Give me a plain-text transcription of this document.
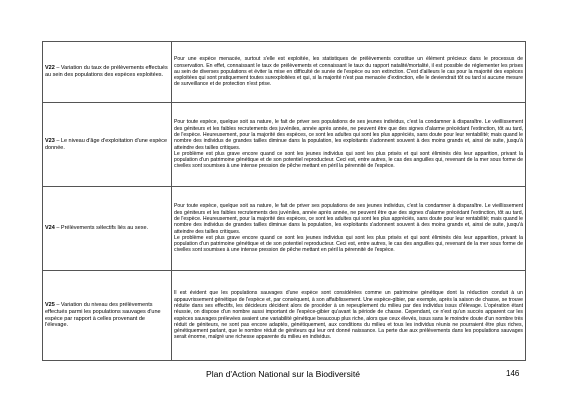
V22 – Variation du taux de prélèvements effectués au sein des populations des espèces exploitées.	Pour une espèce menacée, surtout s'elle est exploitée, les statistiques de prélèvements constitue un élément précieux dans le processus de conservation. En effet, connaissant le taux de prélèvements et connaissant le taux du rapport natalité/mortalité, il est possible de réglementer les prises au sein de diverses populations et éviter la mise en difficulté de survie de l'espèce ou son extinction. C'est d'ailleurs le cas pour la majorité des espèces exploitées qui sont pratiquement toutes surexploitées et qui, si la majorité n'est pas menacée d'extinction, elle le deviendrait tôt ou tard si aucune mesure de surveillance et de protection n'est prise.

V23 – Le niveau d'âge d'exploitation d'une espèce donnée.	Pour toute espèce, quelque soit sa nature, le fait de priver ses populations de ses jeunes individus, c'est la condamner à disparaître. Le vieillissement des géniteurs et les faibles recrutements des juvéniles, année après année, ne peuvent être que des signes d'alarme précédant l'extinction, tôt au tard, de l'espèce. Heureusement, pour la majorité des espèces, ce sont les adultes qui sont les plus appréciés, sans doute pour leur rentabilité; mais quand le nombre des individus de grandes tailles diminue dans la population, les exploitants s'adonnent souvent à des moins grands et, ainsi de suite, jusqu'à atteindre des tailles critiques.

Le problème est plus grave encore quand ce sont les jeunes individus qui sont les plus prisés et qui sont éliminés dès leur apparition, privant la population d'un patrimoine génétique et de son potentiel reproducteur. Ceci est, entre autres, le cas des anguilles qui, revenant de la mer sous forme de civelles sont soumises à une intense pression de pêche mettant en péril la pérennité de l'espèce.

V24 – Prélèvements sélectifs liés au sexe.	Pour toute espèce, quelque soit sa nature, le fait de priver ses populations de ses jeunes individus, c'est la condamner à disparaître. Le vieillissement des géniteurs et les faibles recrutements des juvéniles, année après année, ne peuvent être que des signes d'alarme précédant l'extinction, tôt au tard, de l'espèce. Heureusement, pour la majorité des espèces, ce sont les adultes qui sont les plus appréciés, sans doute pour leur rentabilité; mais quand le nombre des individus de grandes tailles diminue dans la population, les exploitants s'adonnent souvent à des moins grands et, ainsi de suite, jusqu'à atteindre des tailles critiques.

Le problème est plus grave encore quand ce sont les jeunes individus qui sont les plus prisés et qui sont éliminés dès leur apparition, privant la population d'un patrimoine génétique et de son potentiel reproducteur. Ceci est, entre autres, le cas des anguilles qui, revenant de la mer sous forme de civelles sont soumises à une intense pression de pêche mettant en péril la pérennité de l'espèce.

V25 – Variation du niveau des prélèvements effectués parmi les populations sauvages d'une espèce par rapport à celles provenant de l'élevage.	Il est évident que les populations sauvages d'une espèce sont considérées comme un patrimoine génétique dont la réduction conduit à un appauvrissement génétique de l'espèce et, par conséquent, à son affaiblissement. Une espèce-gibier, par exemple, après la saison de chasse, se trouve réduite dans ses effectifs, les décideurs décident alors de procéder à un repeuplement du milieu par des individus issus d'élevage. L'opération étant réussie, on dispose d'un nombre aussi important de l'espèce-gibier qu'avant la période de chasse. Cependant, ce n'est qu'un succès apparent car les espèces sauvages prélevées avaient une variabilité génétique beaucoup plus riche, alors que ceux élevés, issus sans le moindre doute d'un nombre très réduit de géniteurs, ne sont pas encore adaptés, génétiquement, aux conditions du milieu et tous les individus réunis ne pourraient être plus riches, génétiquement parlant, que le nombre réduit de géniteurs qui leur ont donné naissance. La perte due aux prélèvements dans les populations sauvages serait énorme, malgré une richesse apparente du milieu en individus.

Plan d'Action National sur la Biodiversité	146
